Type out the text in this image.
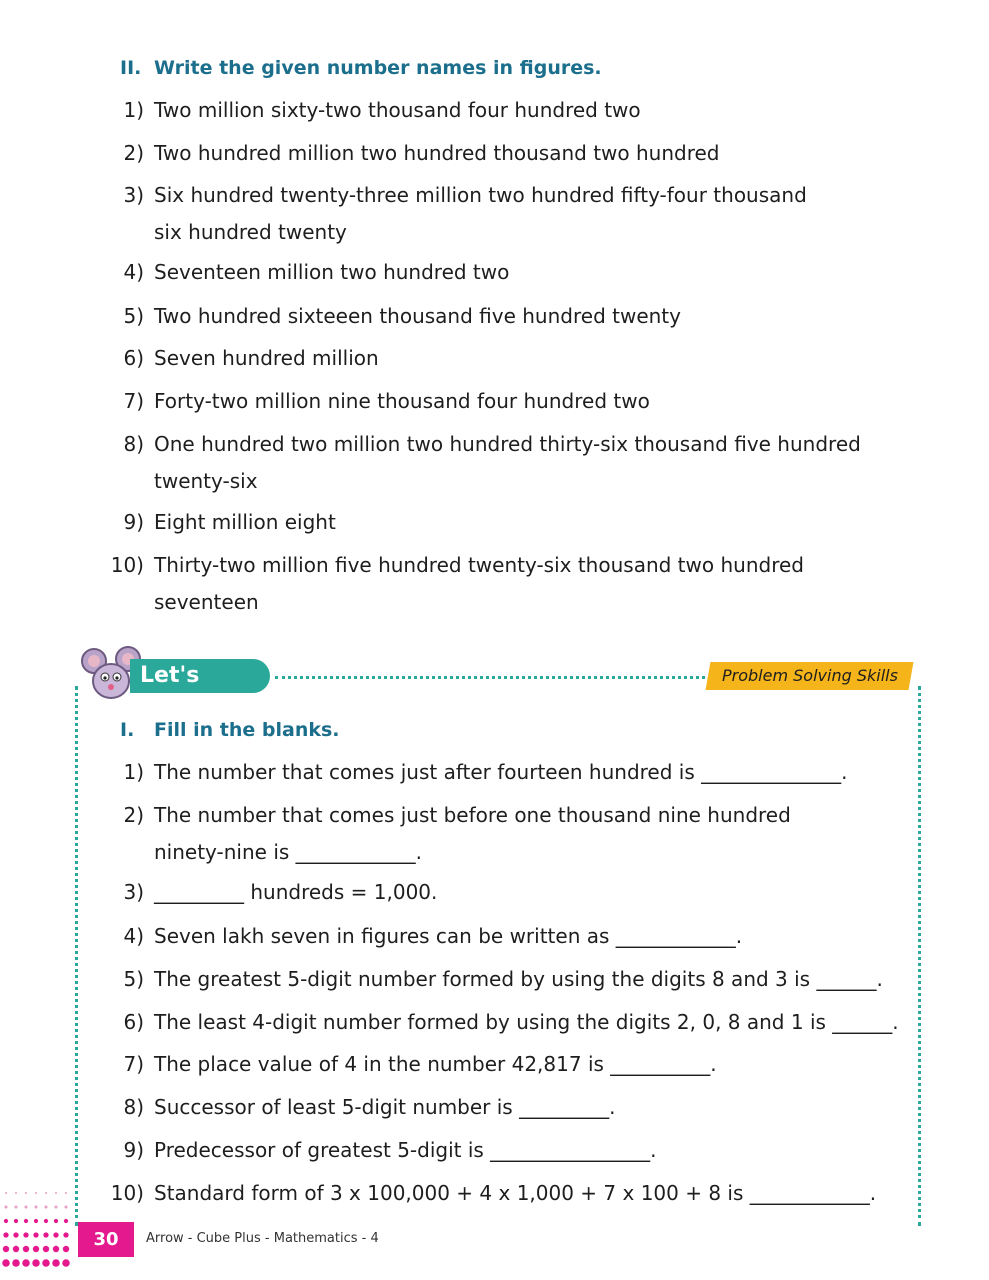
II. Write the given number names in figures.
1) Two million sixty-two thousand four hundred two
2) Two hundred million two hundred thousand two hundred
3) Six hundred twenty-three million two hundred fifty-four thousand
six hundred twenty
4) Seventeen million two hundred two
5) Two hundred sixteeen thousand five hundred twenty
6) Seven hundred million
7) Forty-two million nine thousand four hundred two
8) One hundred two million two hundred thirty-six thousand five hundred
twenty-six
9) Eight million eight
10) Thirty-two million five hundred twenty-six thousand two hundred
seventeen
Let's Solve
Problem Solving Skills
I. Fill in the blanks.
1) The number that comes just after fourteen hundred is ______________.
2) The number that comes just before one thousand nine hundred
ninety-nine is ____________.
3) _________ hundreds = 1,000.
4) Seven lakh seven in figures can be written as ____________.
5) The greatest 5-digit number formed by using the digits 8 and 3 is ______.
6) The least 4-digit number formed by using the digits 2, 0, 8 and 1 is ______.
7) The place value of 4 in the number 42,817 is __________.
8) Successor of least 5-digit number is _________.
9) Predecessor of greatest 5-digit is ________________.
10) Standard form of 3 x 100,000 + 4 x 1,000 + 7 x 100 + 8 is ____________.
30	Arrow - Cube Plus - Mathematics - 4
